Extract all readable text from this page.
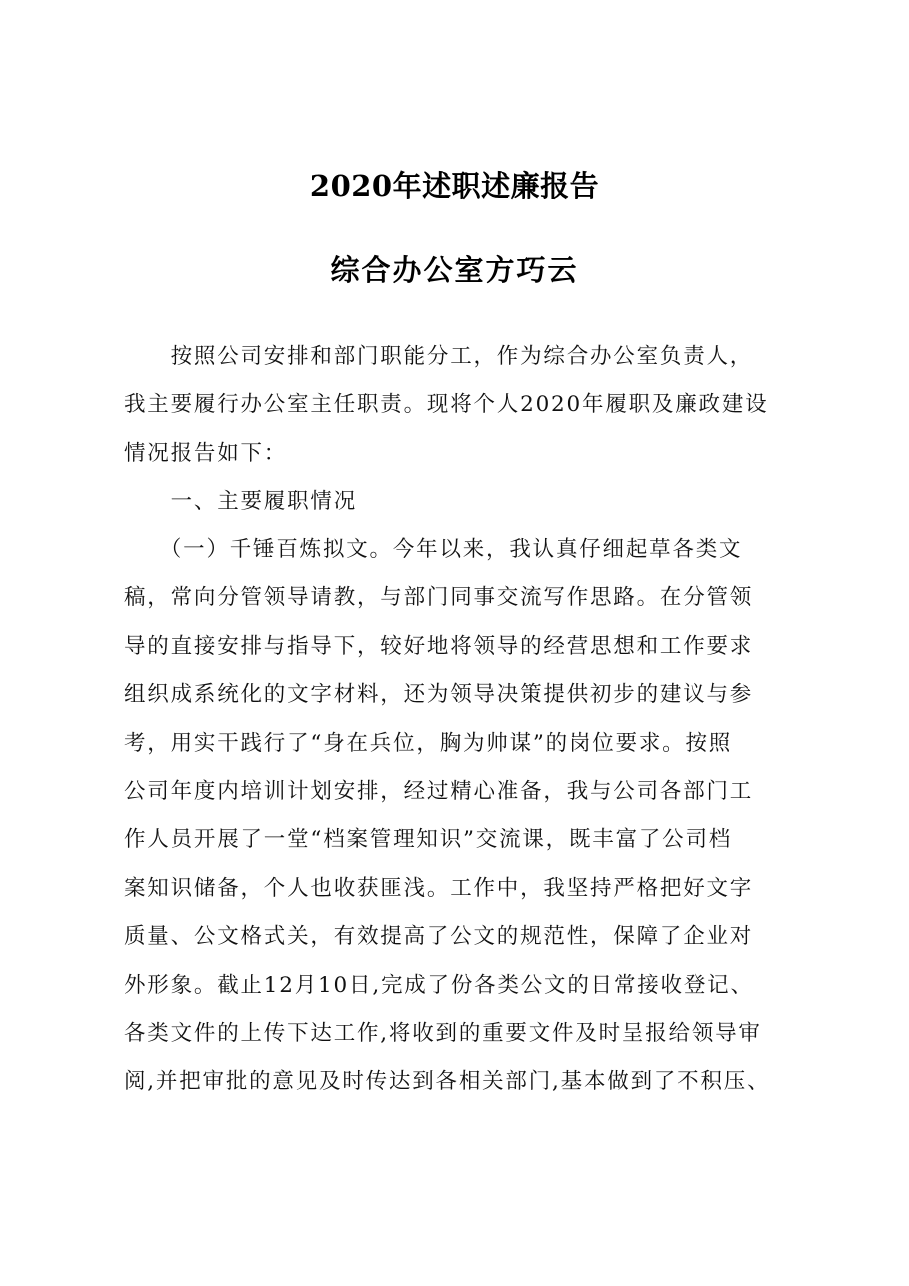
2020年述职述廉报告
综合办公室方巧云
　　按照公司安排和部门职能分工，作为综合办公室负责人，
我主要履行办公室主任职责。现将个人2020年履职及廉政建设
情况报告如下：
　　一、主要履职情况
　　（一）千锤百炼拟文。今年以来，我认真仔细起草各类文
稿，常向分管领导请教，与部门同事交流写作思路。在分管领
导的直接安排与指导下，较好地将领导的经营思想和工作要求
组织成系统化的文字材料，还为领导决策提供初步的建议与参
考，用实干践行了“身在兵位，胸为帅谋”的岗位要求。按照
公司年度内培训计划安排，经过精心准备，我与公司各部门工
作人员开展了一堂“档案管理知识”交流课，既丰富了公司档
案知识储备，个人也收获匪浅。工作中，我坚持严格把好文字
质量、公文格式关，有效提高了公文的规范性，保障了企业对
外形象。截止12月10日,完成了份各类公文的日常接收登记、
各类文件的上传下达工作,将收到的重要文件及时呈报给领导审
阅,并把审批的意见及时传达到各相关部门,基本做到了不积压、
